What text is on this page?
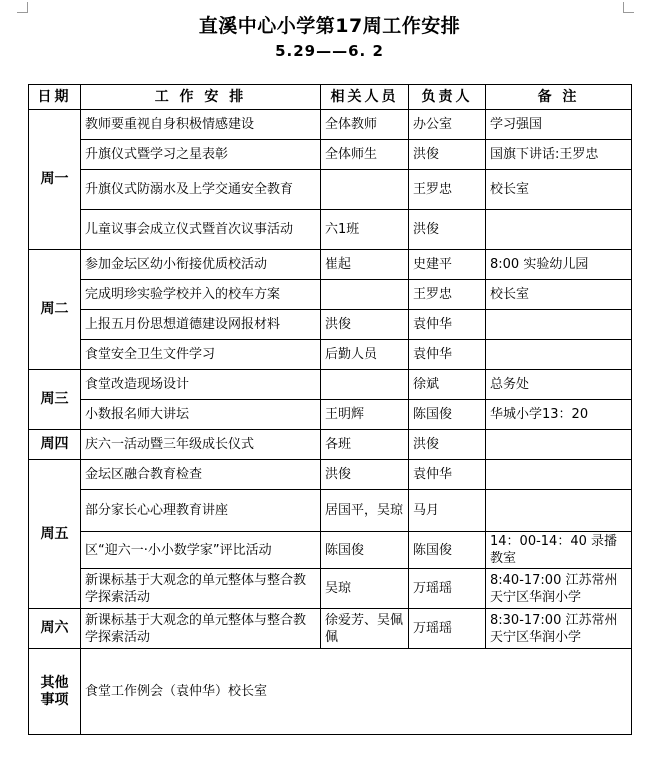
直溪中心小学第17周工作安排
5.29——6. 2
日期	工 作 安 排	相关人员	负责人	备 注
周一	教师要重视自身积极情感建设	全体教师	办公室	学习强国
	升旗仪式暨学习之星表彰	全体师生	洪俊	国旗下讲话:王罗忠
	升旗仪式防溺水及上学交通安全教育		王罗忠	校长室
	儿童议事会成立仪式暨首次议事活动	六1班	洪俊	
周二	参加金坛区幼小衔接优质校活动	崔起	史建平	8:00 实验幼儿园
	完成明珍实验学校并入的校车方案		王罗忠	校长室
	上报五月份思想道德建设网报材料	洪俊	袁仲华	
	食堂安全卫生文件学习	后勤人员	袁仲华	
周三	食堂改造现场设计		徐斌	总务处
	小数报名师大讲坛	王明辉	陈国俊	华城小学13：20
周四	庆六一活动暨三年级成长仪式	各班	洪俊	
周五	金坛区融合教育检查	洪俊	袁仲华	
	部分家长心心理教育讲座	居国平，吴琼	马月	
	区“迎六一·小小数学家”评比活动	陈国俊	陈国俊	14：00-14：40 录播教室
	新课标基于大观念的单元整体与整合教学探索活动	吴琼	万瑶瑶	8:40-17:00 江苏常州天宁区华润小学
周六	新课标基于大观念的单元整体与整合教学探索活动	徐爱芳、吴佩佩	万瑶瑶	8:30-17:00 江苏常州天宁区华润小学
其他事项	食堂工作例会（袁仲华）校长室			
